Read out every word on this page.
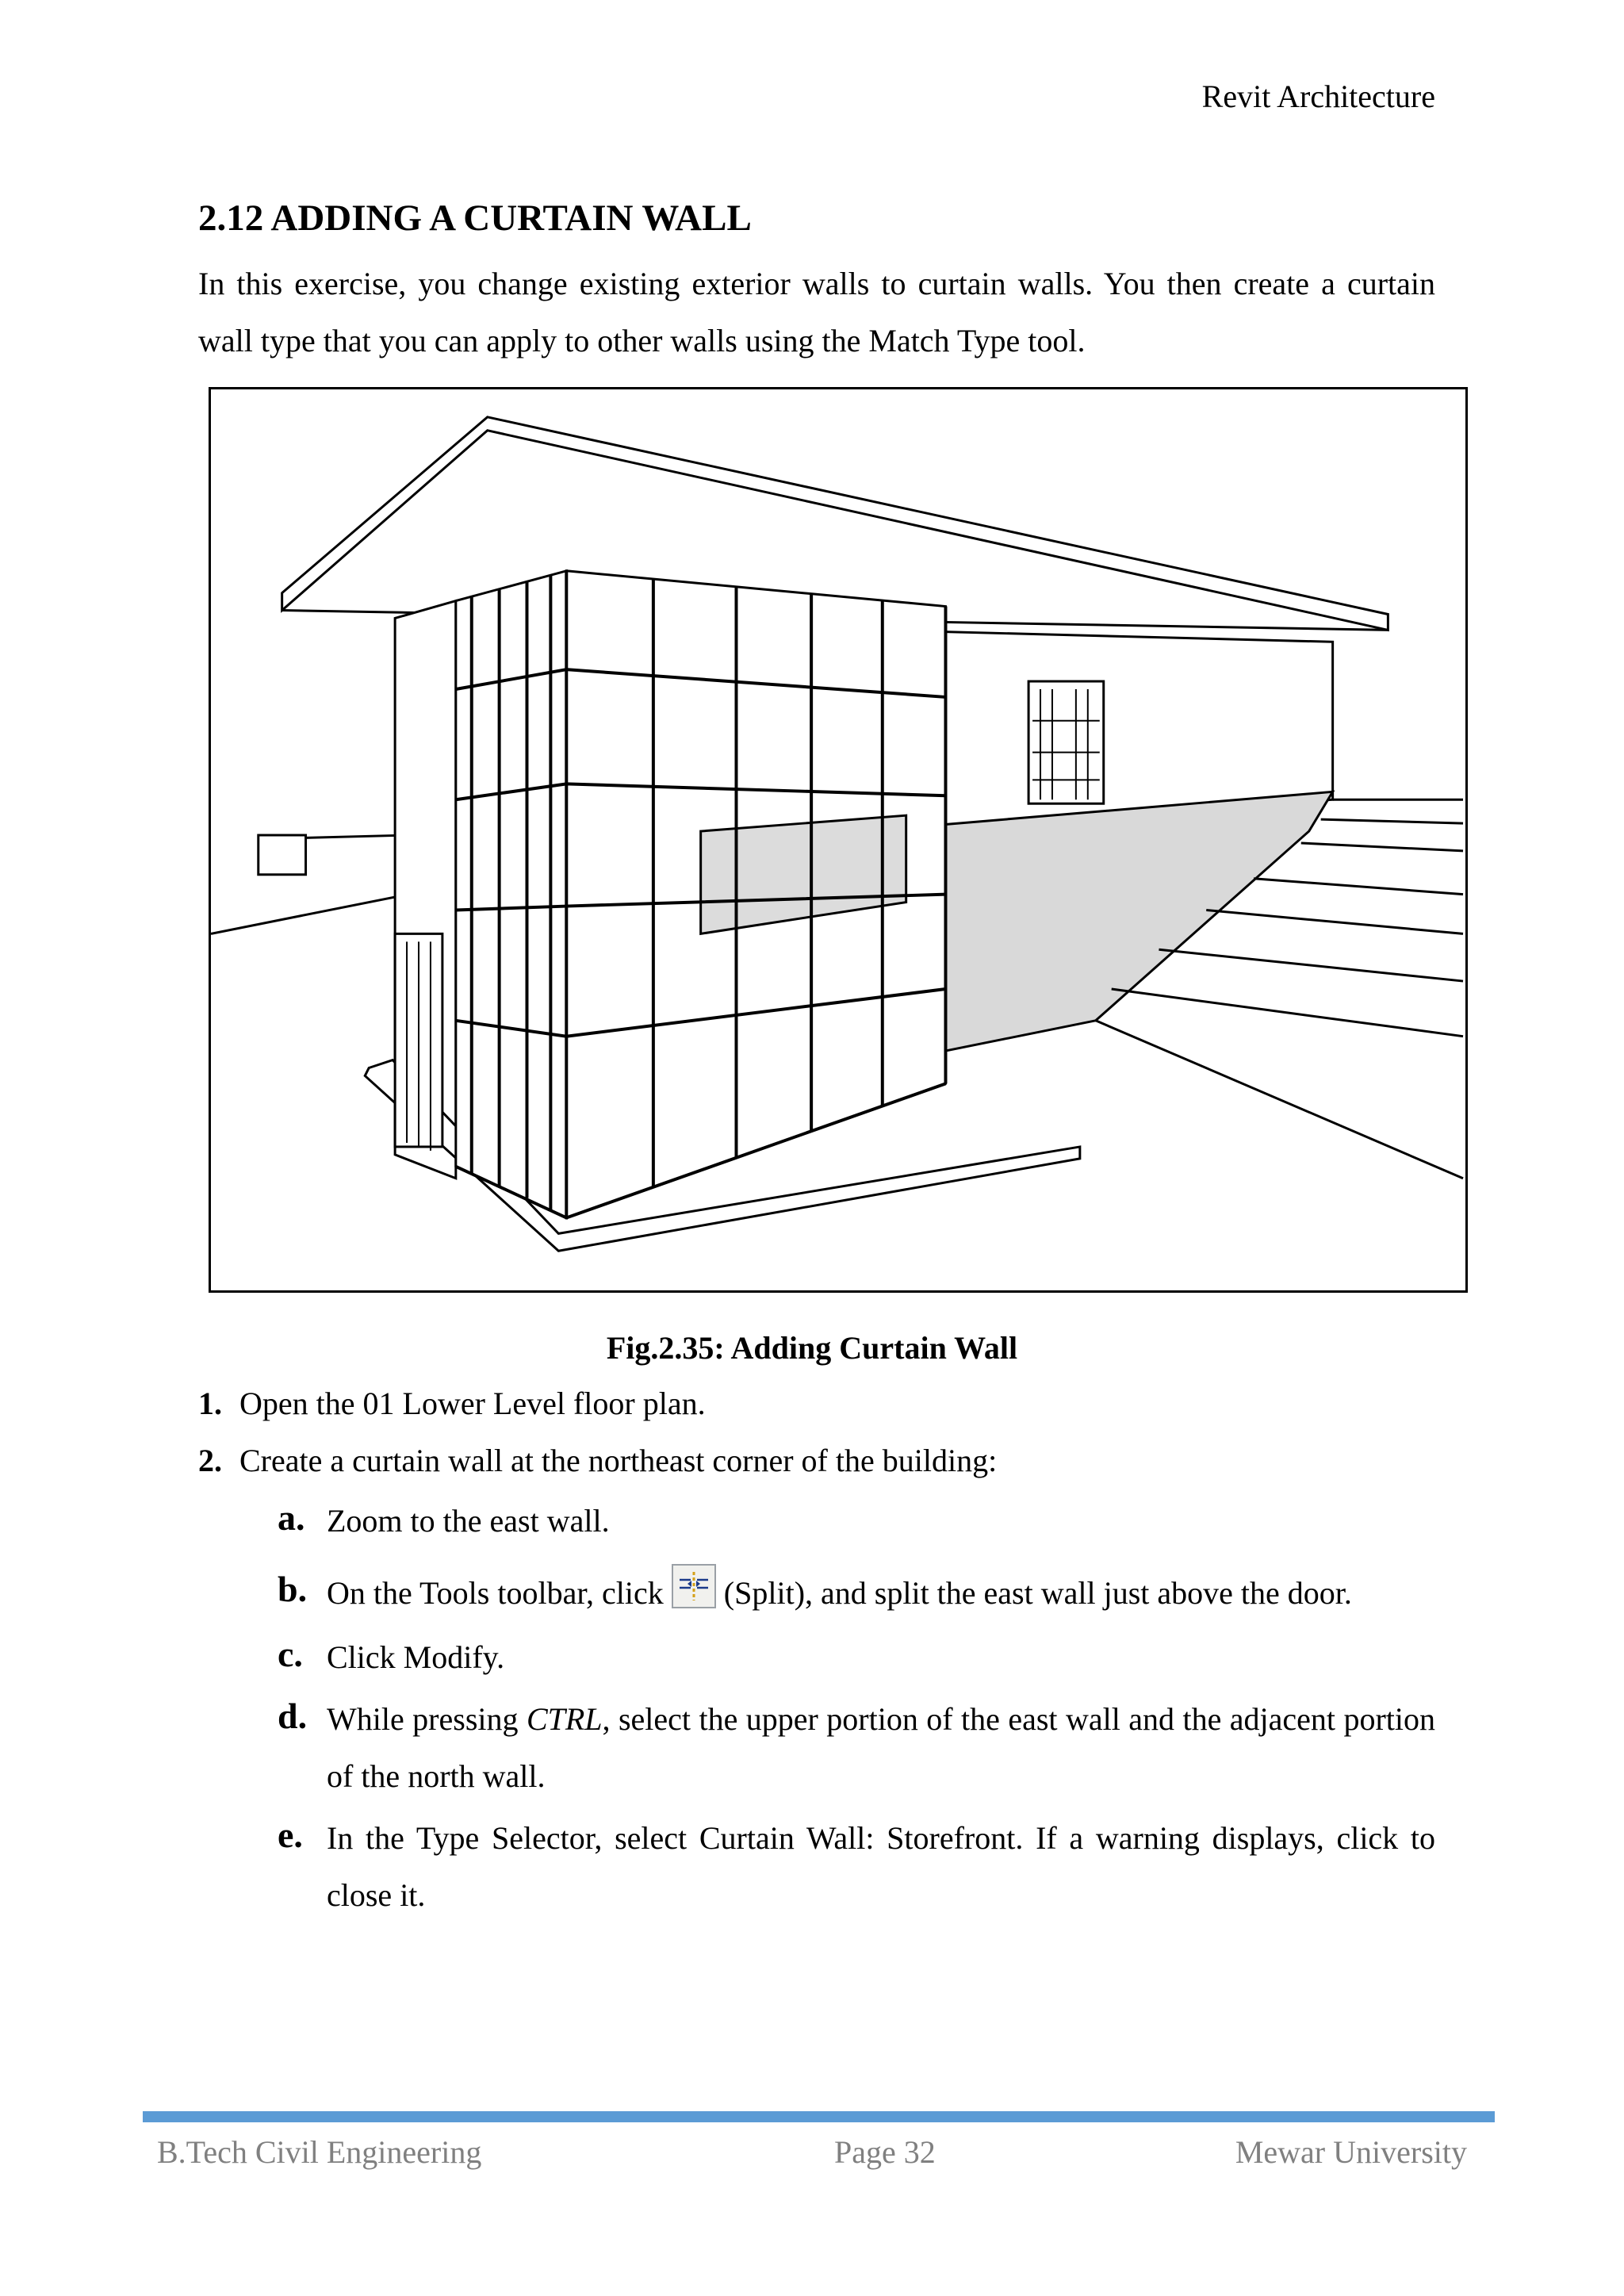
Revit Architecture
2.12 ADDING A CURTAIN WALL

In this exercise, you change existing exterior walls to curtain walls. You then create a curtain wall type that you can apply to other walls using the Match Type tool.

Fig.2.35: Adding Curtain Wall
1. Open the 01 Lower Level floor plan.
2. Create a curtain wall at the northeast corner of the building:
a. Zoom to the east wall.
b. On the Tools toolbar, click (Split), and split the east wall just above the door.
c. Click Modify.
d. While pressing CTRL, select the upper portion of the east wall and the adjacent portion of the north wall.
e. In the Type Selector, select Curtain Wall: Storefront. If a warning displays, click to close it.
B.Tech Civil Engineering	Page 32	Mewar University
